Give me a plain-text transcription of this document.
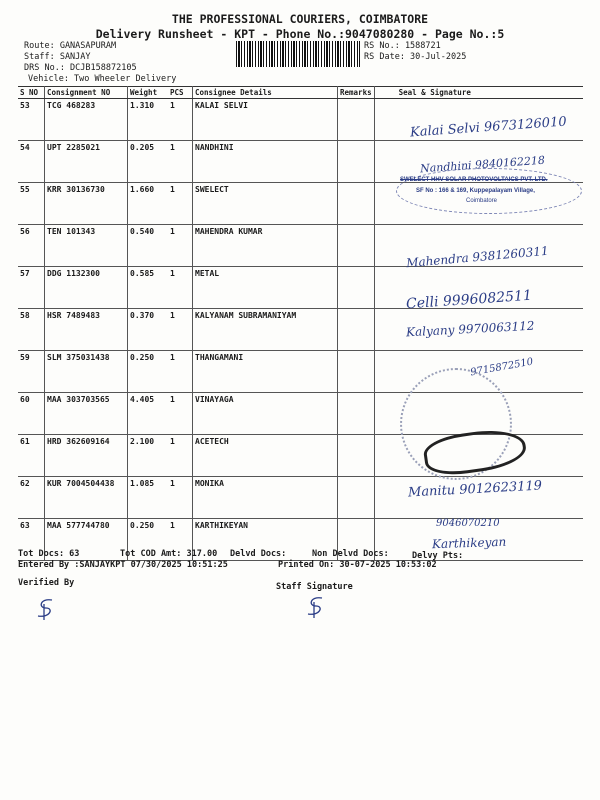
THE PROFESSIONAL COURIERS, COIMBATORE
Delivery Runsheet - KPT - Phone No.:9047080280 - Page No.:5
Route: GANASAPURAM
Staff: SANJAY
DRS No.: DCJB158872105
Vehicle: Two Wheeler Delivery
RS No.: 1588721
RS Date: 30-Jul-2025
S NO	Consignment NO	Weight	PCS	Consignee Details	Remarks	Seal & Signature
53	TCG 468283	1.310	1	KALAI SELVI		
54	UPT 2285021	0.205	1	NANDHINI		
55	KRR 30136730	1.660	1	SWELECT		
56	TEN 101343	0.540	1	MAHENDRA KUMAR		
57	DDG 1132300	0.585	1	METAL		
58	HSR 7489483	0.370	1	KALYANAM SUBRAMANIYAM		
59	SLM 375031438	0.250	1	THANGAMANI		
60	MAA 303703565	4.405	1	VINAYAGA		
61	HRD 362609164	2.100	1	ACETECH		
62	KUR 7004504438	1.085	1	MONIKA		
63	MAA 577744780	0.250	1	KARTHIKEYAN		
SWELECT HHV SOLAR PHOTOVOLTAICS PVT. LTD.
SF No : 166 & 169, Kuppepalayam Village,
Coimbatore
Kalai Selvi 9673126010
Nandhini 9840162218
Mahendra 9381260311
Celli 9996082511
Kalyany 9970063112
9715872510
Manitu 9012623119
9046070210
Karthikeyan
Tot Docs: 63	Tot COD Amt: 317.00 Delvd Docs:	Non Delvd Docs:	Delvy Pts:
Entered By :SANJAYKPT 07/30/2025 10:51:25	Printed On: 30-07-2025 10:53:02
Verified By	Staff Signature
